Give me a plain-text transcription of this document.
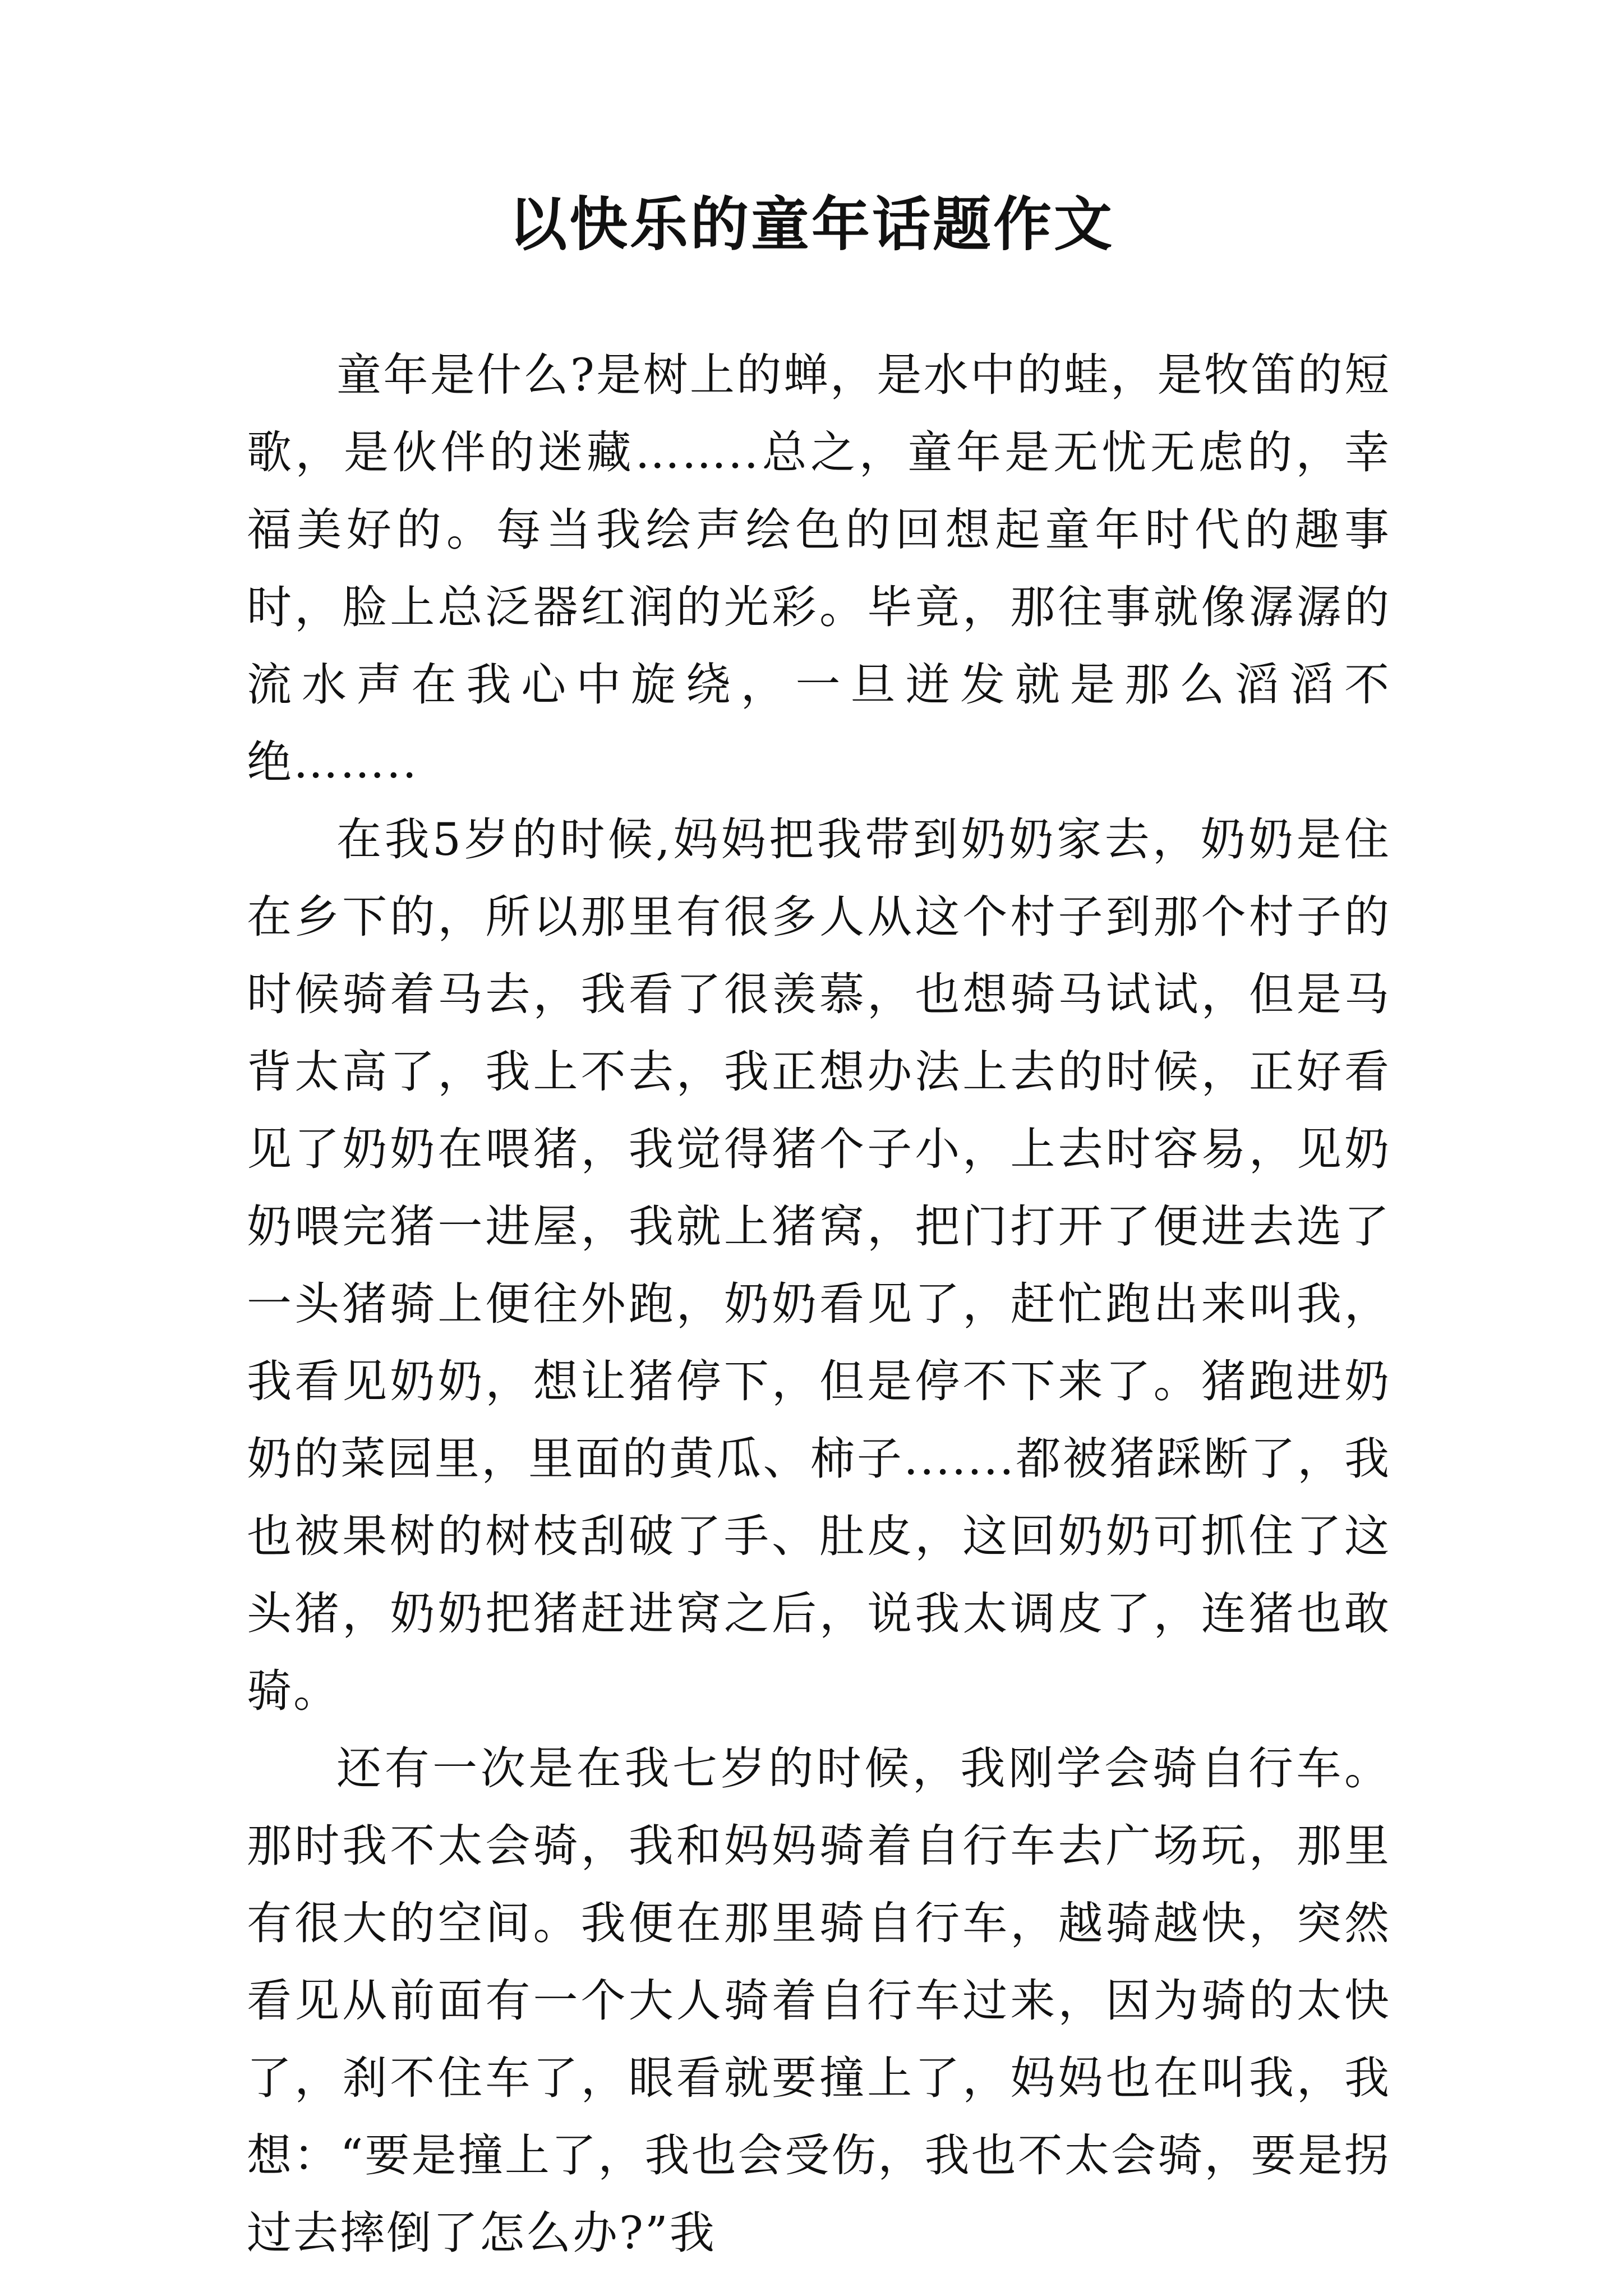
以快乐的童年话题作文

童年是什么?是树上的蝉，是水中的蛙，是牧笛的短歌，是伙伴的迷藏……..总之，童年是无忧无虑的，幸福美好的。每当我绘声绘色的回想起童年时代的趣事时，脸上总泛器红润的光彩。毕竟，那往事就像潺潺的流水声在我心中旋绕，一旦迸发就是那么滔滔不绝……..

在我5岁的时候,妈妈把我带到奶奶家去，奶奶是住在乡下的，所以那里有很多人从这个村子到那个村子的时候骑着马去，我看了很羡慕，也想骑马试试，但是马背太高了，我上不去，我正想办法上去的时候，正好看见了奶奶在喂猪，我觉得猪个子小，上去时容易，见奶奶喂完猪一进屋，我就上猪窝，把门打开了便进去选了一头猪骑上便往外跑，奶奶看见了，赶忙跑出来叫我，我看见奶奶，想让猪停下，但是停不下来了。猪跑进奶奶的菜园里，里面的黄瓜、柿子.......都被猪踩断了，我也被果树的树枝刮破了手、肚皮，这回奶奶可抓住了这头猪，奶奶把猪赶进窝之后，说我太调皮了，连猪也敢骑。

还有一次是在我七岁的时候，我刚学会骑自行车。那时我不太会骑，我和妈妈骑着自行车去广场玩，那里有很大的空间。我便在那里骑自行车，越骑越快，突然看见从前面有一个大人骑着自行车过来，因为骑的太快了，刹不住车了，眼看就要撞上了，妈妈也在叫我，我想：“要是撞上了，我也会受伤，我也不太会骑，要是拐过去摔倒了怎么办?”我
